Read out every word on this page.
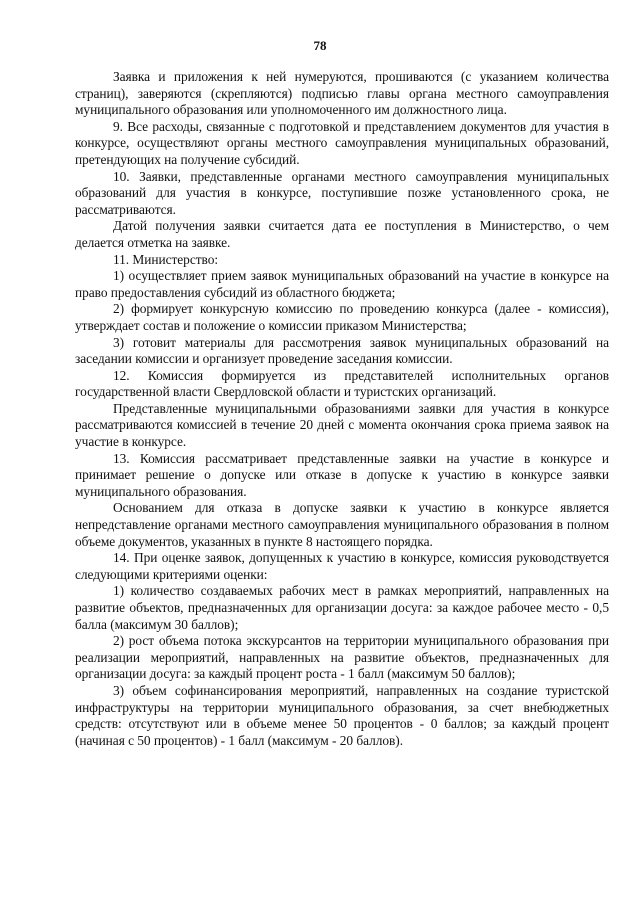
78

Заявка и приложения к ней нумеруются, прошиваются (с указанием количества страниц), заверяются (скрепляются) подписью главы органа местного самоуправления муниципального образования или уполномоченного им должностного лица.

9. Все расходы, связанные с подготовкой и представлением документов для участия в конкурсе, осуществляют органы местного самоуправления муниципальных образований, претендующих на получение субсидий.

10. Заявки, представленные органами местного самоуправления муниципальных образований для участия в конкурсе, поступившие позже установленного срока, не рассматриваются.

Датой получения заявки считается дата ее поступления в Министерство, о чем делается отметка на заявке.

11. Министерство:

1) осуществляет прием заявок муниципальных образований на участие в конкурсе на право предоставления субсидий из областного бюджета;

2) формирует конкурсную комиссию по проведению конкурса (далее - комиссия), утверждает состав и положение о комиссии приказом Министерства;

3) готовит материалы для рассмотрения заявок муниципальных образований на заседании комиссии и организует проведение заседания комиссии.

12. Комиссия формируется из представителей исполнительных органов государственной власти Свердловской области и туристских организаций.

Представленные муниципальными образованиями заявки для участия в конкурсе рассматриваются комиссией в течение 20 дней с момента окончания срока приема заявок на участие в конкурсе.

13. Комиссия рассматривает представленные заявки на участие в конкурсе и принимает решение о допуске или отказе в допуске к участию в конкурсе заявки муниципального образования.

Основанием для отказа в допуске заявки к участию в конкурсе является непредставление органами местного самоуправления муниципального образования в полном объеме документов, указанных в пункте 8 настоящего порядка.

14. При оценке заявок, допущенных к участию в конкурсе, комиссия руководствуется следующими критериями оценки:

1) количество создаваемых рабочих мест в рамках мероприятий, направленных на развитие объектов, предназначенных для организации досуга: за каждое рабочее место - 0,5 балла (максимум 30 баллов);

2) рост объема потока экскурсантов на территории муниципального образования при реализации мероприятий, направленных на развитие объектов, предназначенных для организации досуга: за каждый процент роста - 1 балл (максимум 50 баллов);

3) объем софинансирования мероприятий, направленных на создание туристской инфраструктуры на территории муниципального образования, за счет внебюджетных средств: отсутствуют или в объеме менее 50 процентов - 0 баллов; за каждый процент (начиная с 50 процентов) - 1 балл (максимум - 20 баллов).
